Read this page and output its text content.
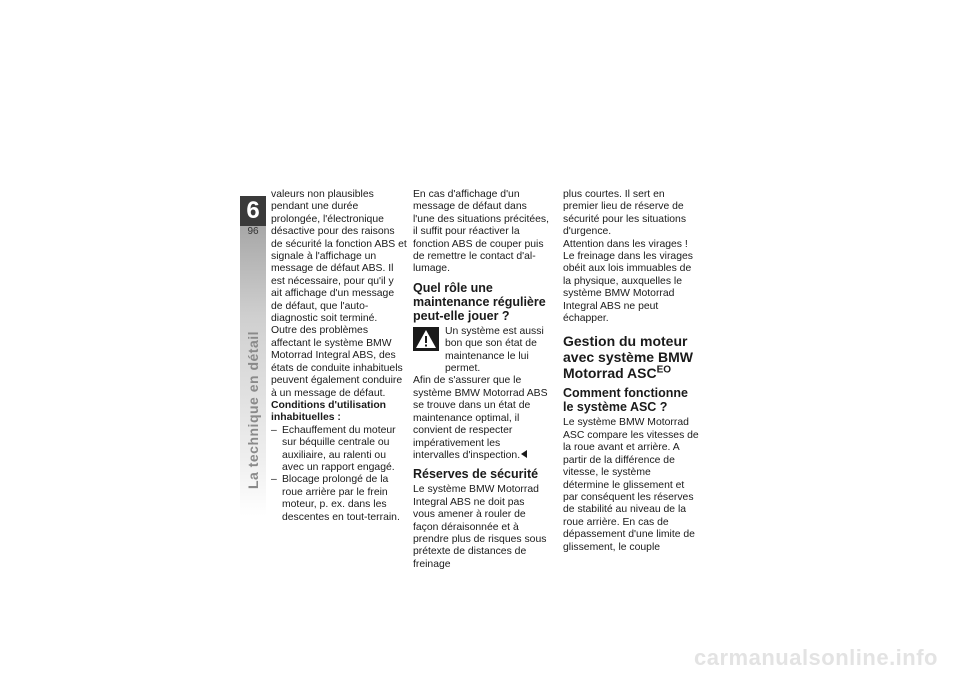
6
96
La technique en détail

valeurs non plausibles pendant une durée prolongée, l'électronique désactive pour des raisons de sécurité la fonction ABS et signale à l'affichage un message de défaut ABS. Il est nécessaire, pour qu'il y ait affichage d'un message de défaut, que l'auto-diagnostic soit terminé.

Outre des problèmes affectant le système BMW Motorrad Integral ABS, des états de conduite inhabituels peuvent également conduire à un message de défaut.

Conditions d'utilisation inhabituelles :
– Echauffement du moteur sur béquille centrale ou auxiliaire, au ralenti ou avec un rapport engagé.
– Blocage prolongé de la roue arrière par le frein moteur, p. ex. dans les descentes en tout-terrain.

En cas d'affichage d'un message de défaut dans l'une des situations précitées, il suffit pour réactiver la fonction ABS de couper puis de remettre le contact d'allumage.

Quel rôle une maintenance régulière peut-elle jouer ?

Un système est aussi bon que son état de maintenance le lui permet.

Afin de s'assurer que le système BMW Motorrad ABS se trouve dans un état de maintenance optimal, il convient de respecter impérativement les intervalles d'inspection.

Réserves de sécurité

Le système BMW Motorrad Integral ABS ne doit pas vous amener à rouler de façon déraisonnée et à prendre plus de risques sous prétexte de distances de freinage

plus courtes. Il sert en premier lieu de réserve de sécurité pour les situations d'urgence.

Attention dans les virages ! Le freinage dans les virages obéit aux lois immuables de la physique, auxquelles le système BMW Motorrad Integral ABS ne peut échapper.

Gestion du moteur avec système BMW Motorrad $ASC^{EO}$
Comment fonctionne le système ASC ?

Le système BMW Motorrad ASC compare les vitesses de la roue avant et arrière. A partir de la différence de vitesse, le système détermine le glissement et par conséquent les réserves de stabilité au niveau de la roue arrière. En cas de dépassement d'une limite de glissement, le couple

carmanualsonline.info
